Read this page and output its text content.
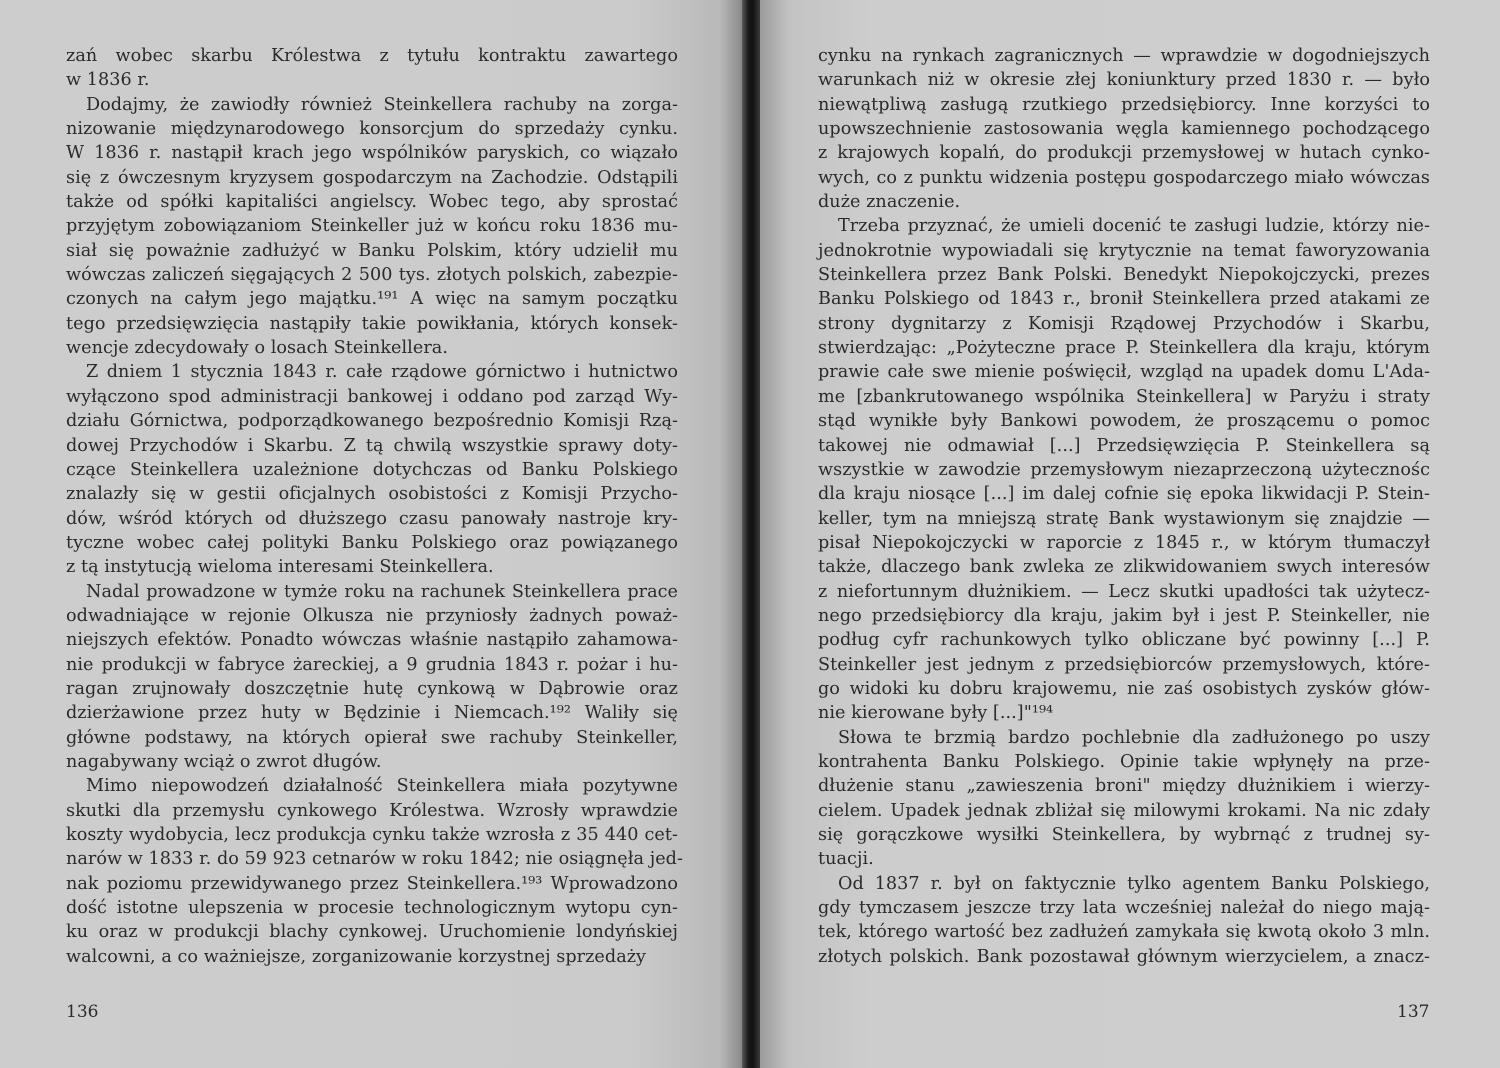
zań wobec skarbu Królestwa z tytułu kontraktu zawartego
w 1836 r.
Dodajmy, że zawiodły również Steinkellera rachuby na zorga-
nizowanie międzynarodowego konsorcjum do sprzedaży cynku.
W 1836 r. nastąpił krach jego wspólników paryskich, co wiązało
się z ówczesnym kryzysem gospodarczym na Zachodzie. Odstąpili
także od spółki kapitaliści angielscy. Wobec tego, aby sprostać
przyjętym zobowiązaniom Steinkeller już w końcu roku 1836 mu-
siał się poważnie zadłużyć w Banku Polskim, który udzielił mu
wówczas zaliczeń sięgających 2 500 tys. złotych polskich, zabezpie-
czonych na całym jego majątku.¹⁹¹ A więc na samym początku
tego przedsięwzięcia nastąpiły takie powikłania, których konsek-
wencje zdecydowały o losach Steinkellera.
Z dniem 1 stycznia 1843 r. całe rządowe górnictwo i hutnictwo
wyłączono spod administracji bankowej i oddano pod zarząd Wy-
działu Górnictwa, podporządkowanego bezpośrednio Komisji Rzą-
dowej Przychodów i Skarbu. Z tą chwilą wszystkie sprawy doty-
czące Steinkellera uzależnione dotychczas od Banku Polskiego
znalazły się w gestii oficjalnych osobistości z Komisji Przycho-
dów, wśród których od dłuższego czasu panowały nastroje kry-
tyczne wobec całej polityki Banku Polskiego oraz powiązanego
z tą instytucją wieloma interesami Steinkellera.
Nadal prowadzone w tymże roku na rachunek Steinkellera prace
odwadniające w rejonie Olkusza nie przyniosły żadnych poważ-
niejszych efektów. Ponadto wówczas właśnie nastąpiło zahamowa-
nie produkcji w fabryce żareckiej, a 9 grudnia 1843 r. pożar i hu-
ragan zrujnowały doszczętnie hutę cynkową w Dąbrowie oraz
dzierżawione przez huty w Będzinie i Niemcach.¹⁹² Waliły się
główne podstawy, na których opierał swe rachuby Steinkeller,
nagabywany wciąż o zwrot długów.
Mimo niepowodzeń działalność Steinkellera miała pozytywne
skutki dla przemysłu cynkowego Królestwa. Wzrosły wprawdzie
koszty wydobycia, lecz produkcja cynku także wzrosła z 35 440 cet-
narów w 1833 r. do 59 923 cetnarów w roku 1842; nie osiągnęła jed-
nak poziomu przewidywanego przez Steinkellera.¹⁹³ Wprowadzono
dość istotne ulepszenia w procesie technologicznym wytopu cyn-
ku oraz w produkcji blachy cynkowej. Uruchomienie londyńskiej
walcowni, a co ważniejsze, zorganizowanie korzystnej sprzedaży
cynku na rynkach zagranicznych — wprawdzie w dogodniejszych
warunkach niż w okresie złej koniunktury przed 1830 r. — było
niewątpliwą zasługą rzutkiego przedsiębiorcy. Inne korzyści to
upowszechnienie zastosowania węgla kamiennego pochodzącego
z krajowych kopalń, do produkcji przemysłowej w hutach cynko-
wych, co z punktu widzenia postępu gospodarczego miało wówczas
duże znaczenie.
Trzeba przyznać, że umieli docenić te zasługi ludzie, którzy nie-
jednokrotnie wypowiadali się krytycznie na temat faworyzowania
Steinkellera przez Bank Polski. Benedykt Niepokojczycki, prezes
Banku Polskiego od 1843 r., bronił Steinkellera przed atakami ze
strony dygnitarzy z Komisji Rządowej Przychodów i Skarbu,
stwierdzając: „Pożyteczne prace P. Steinkellera dla kraju, którym
prawie całe swe mienie poświęcił, wzgląd na upadek domu L'Ada-
me [zbankrutowanego wspólnika Steinkellera] w Paryżu i straty
stąd wynikłe były Bankowi powodem, że proszącemu o pomoc
takowej nie odmawiał [...] Przedsięwzięcia P. Steinkellera są
wszystkie w zawodzie przemysłowym niezaprzeczoną użytecznośc
dla kraju niosące [...] im dalej cofnie się epoka likwidacji P. Stein-
keller, tym na mniejszą stratę Bank wystawionym się znajdzie —
pisał Niepokojczycki w raporcie z 1845 r., w którym tłumaczył
także, dlaczego bank zwleka ze zlikwidowaniem swych interesów
z niefortunnym dłużnikiem. — Lecz skutki upadłości tak użytecz-
nego przedsiębiorcy dla kraju, jakim był i jest P. Steinkeller, nie
podług cyfr rachunkowych tylko obliczane być powinny [...] P.
Steinkeller jest jednym z przedsiębiorców przemysłowych, które-
go widoki ku dobru krajowemu, nie zaś osobistych zysków głów-
nie kierowane były [...]"¹⁹⁴
Słowa te brzmią bardzo pochlebnie dla zadłużonego po uszy
kontrahenta Banku Polskiego. Opinie takie wpłynęły na prze-
dłużenie stanu „zawieszenia broni" między dłużnikiem i wierzy-
cielem. Upadek jednak zbliżał się milowymi krokami. Na nic zdały
się gorączkowe wysiłki Steinkellera, by wybrnąć z trudnej sy-
tuacji.
Od 1837 r. był on faktycznie tylko agentem Banku Polskiego,
gdy tymczasem jeszcze trzy lata wcześniej należał do niego mają-
tek, którego wartość bez zadłużeń zamykała się kwotą około 3 mln.
złotych polskich. Bank pozostawał głównym wierzycielem, a znacz-
136	137
